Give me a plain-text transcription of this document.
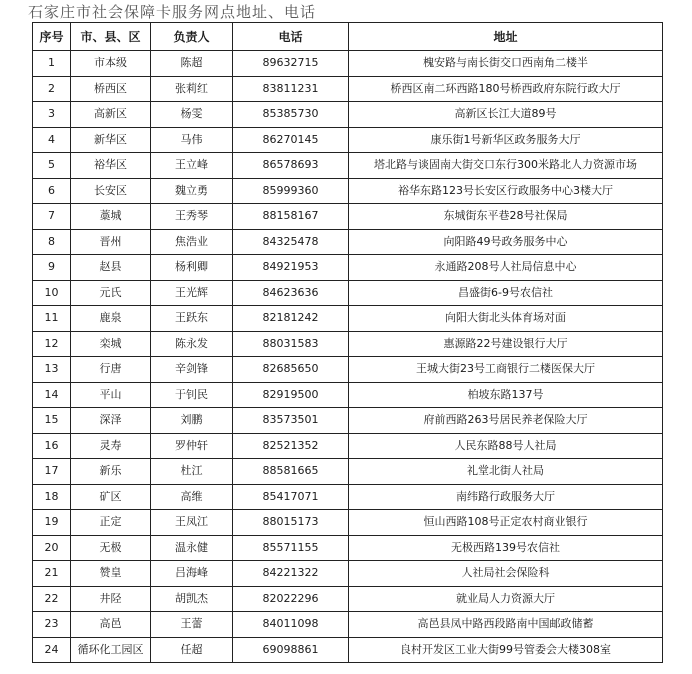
石家庄市社会保障卡服务网点地址、电话
序号	市、县、区	负责人	电话	地址
1	市本级	陈超	89632715	槐安路与南长街交口西南角二楼半
2	桥西区	张莉红	83811231	桥西区南二环西路180号桥西政府东院行政大厅
3	高新区	杨雯	85385730	高新区长江大道89号
4	新华区	马伟	86270145	康乐街1号新华区政务服务大厅
5	裕华区	王立峰	86578693	塔北路与谈固南大街交口东行300米路北人力资源市场
6	长安区	魏立勇	85999360	裕华东路123号长安区行政服务中心3楼大厅
7	藁城	王秀琴	88158167	东城街东平巷28号社保局
8	晋州	焦浩业	84325478	向阳路49号政务服务中心
9	赵县	杨利卿	84921953	永通路208号人社局信息中心
10	元氏	王光辉	84623636	昌盛街6-9号农信社
11	鹿泉	王跃东	82181242	向阳大街北头体育场对面
12	栾城	陈永发	88031583	惠源路22号建设银行大厅
13	行唐	辛剑锋	82685650	王城大街23号工商银行二楼医保大厅
14	平山	于钊民	82919500	柏坡东路137号
15	深泽	刘鹏	83573501	府前西路263号居民养老保险大厅
16	灵寿	罗仲轩	82521352	人民东路88号人社局
17	新乐	杜江	88581665	礼堂北街人社局
18	矿区	高维	85417071	南纬路行政服务大厅
19	正定	王凤江	88015173	恒山西路108号正定农村商业银行
20	无极	温永健	85571155	无极西路139号农信社
21	赞皇	吕海峰	84221322	人社局社会保险科
22	井陉	胡凯杰	82022296	就业局人力资源大厅
23	高邑	王蕾	84011098	高邑县凤中路西段路南中国邮政储蓄
24	循环化工园区	任超	69098861	良村开发区工业大街99号管委会大楼308室
